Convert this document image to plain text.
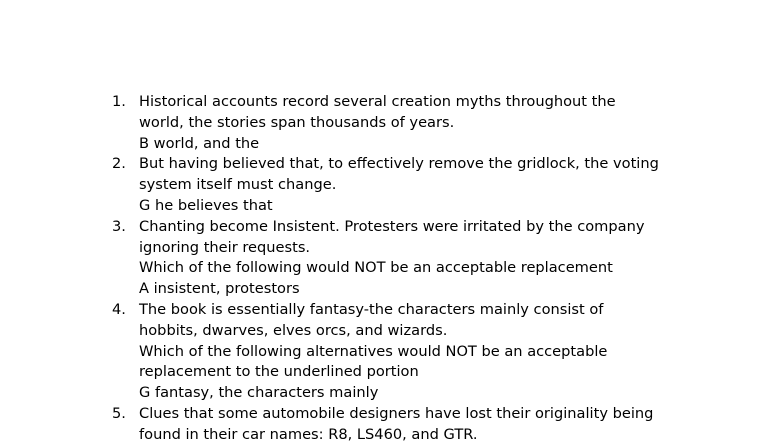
1. Historical accounts record several creation myths throughout the
world, the stories span thousands of years.
B world, and the
2. But having believed that, to effectively remove the gridlock, the voting
system itself must change.
G he believes that
3. Chanting become Insistent. Protesters were irritated by the company
ignoring their requests.
Which of the following would NOT be an acceptable replacement
A insistent, protestors
4. The book is essentially fantasy-the characters mainly consist of
hobbits, dwarves, elves orcs, and wizards.
Which of the following alternatives would NOT be an acceptable
replacement to the underlined portion
G fantasy, the characters mainly
5. Clues that some automobile designers have lost their originality being
found in their car names: R8, LS460, and GTR.
